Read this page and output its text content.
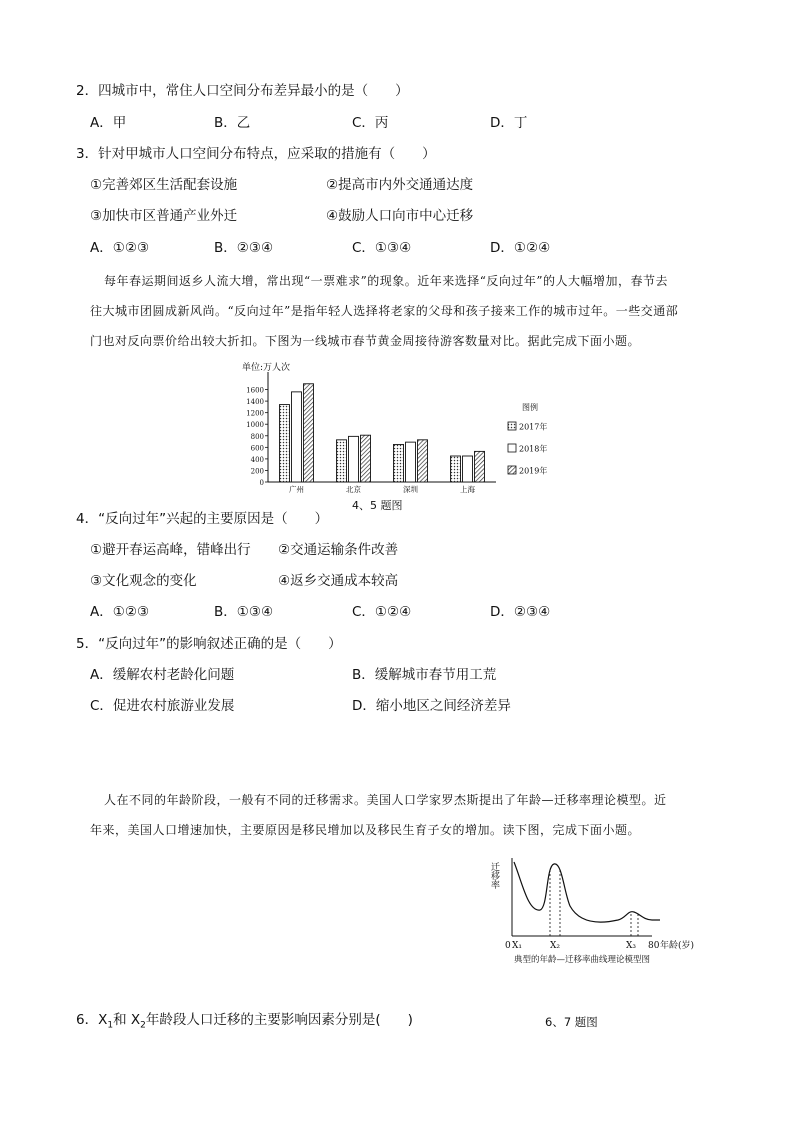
2．四城市中，常住人口空间分布差异最小的是（　　）
A．甲	B．乙	C．丙	D．丁
3．针对甲城市人口空间分布特点，应采取的措施有（　　）
①完善郊区生活配套设施	②提高市内外交通通达度
③加快市区普通产业外迁	④鼓励人口向市中心迁移
A．①②③	B．②③④	C．①③④	D．①②④
每年春运期间返乡人流大增，常出现“一票难求”的现象。近年来选择“反向过年”的人大幅增加，春节去
往大城市团圆成新风尚。“反向过年”是指年轻人选择将老家的父母和孩子接来工作的城市过年。一些交通部
门也对反向票价给出较大折扣。下图为一线城市春节黄金周接待游客数量对比。据此完成下面小题。
单位:万人次
0
200
400
600
800
1000
1200
1400
1600
广州	北京	深圳	上海
图例
2017年
2018年
2019年
4、5 题图
4．“反向过年”兴起的主要原因是（　　）
①避开春运高峰，错峰出行 ②交通运输条件改善
③文化观念的变化	④返乡交通成本较高
A．①②③	B．①③④	C．①②④	D．②③④
5．“反向过年”的影响叙述正确的是（　　）
A．缓解农村老龄化问题	B．缓解城市春节用工荒
C．促进农村旅游业发展	D．缩小地区之间经济差异
人在不同的年龄阶段，一般有不同的迁移需求。美国人口学家罗杰斯提出了年龄—迁移率理论模型。近
年来，美国人口增速加快，主要原因是移民增加以及移民生育子女的增加。读下图，完成下面小题。
迁移率
0 X₁	X₂	X₃ 80 年龄(岁)
典型的年龄—迁移率曲线理论模型图
6．$X_1$和 $X_2$年龄段人口迁移的主要影响因素分别是(　　)	6、7 题图
